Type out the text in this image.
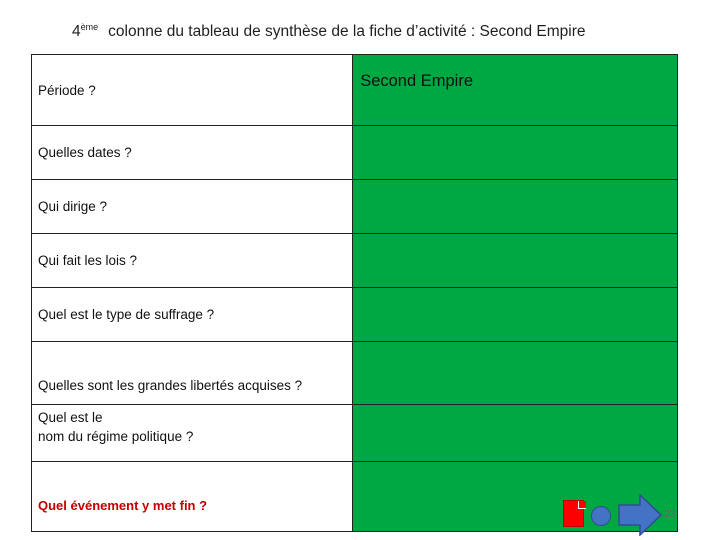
4ème colonne du tableau de synthèse de la fiche d’activité : Second Empire
Période ?	Second Empire
Quelles dates ?	
Qui dirige ?	
Qui fait les lois ?	
Quel est le type de suffrage ?	
Quelles sont les grandes libertés acquises ?	

Quel est le
nom du régime politique ?	

Quel événement y met fin ?	
23
